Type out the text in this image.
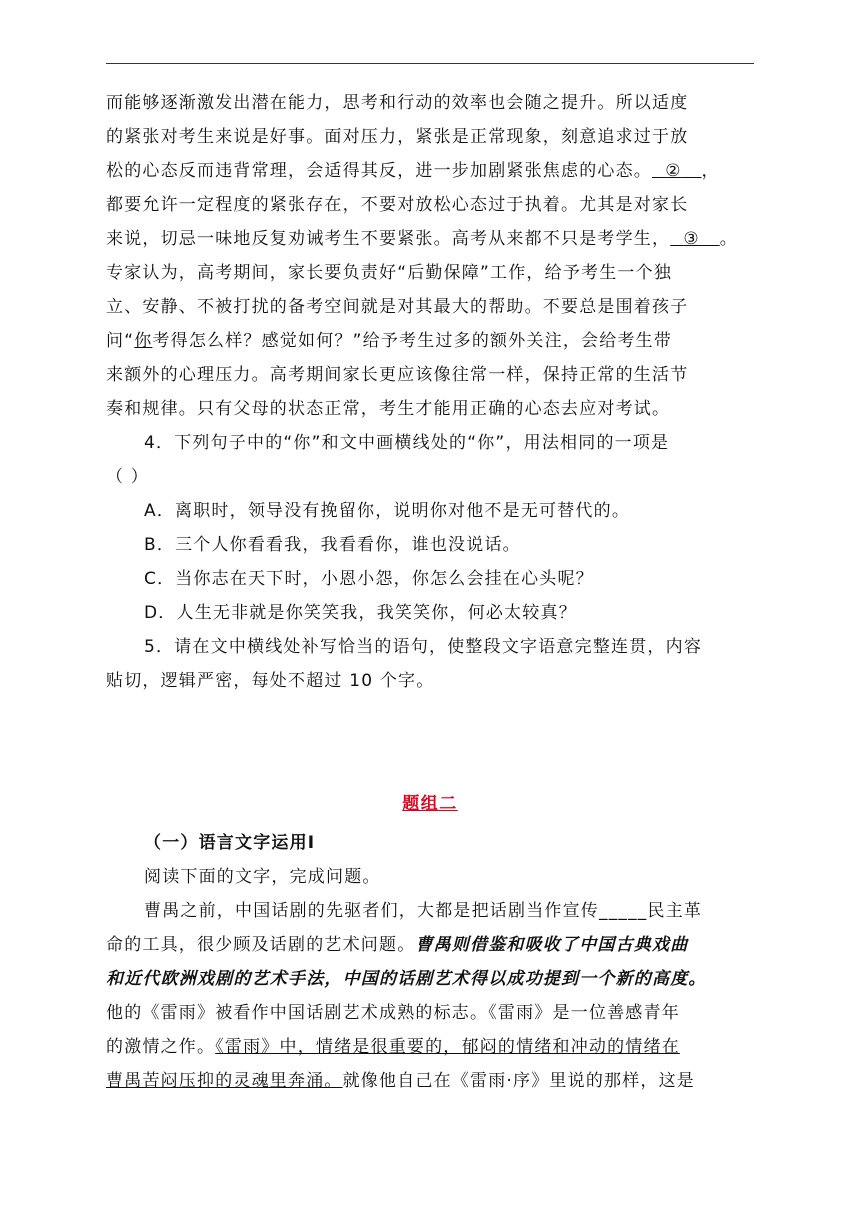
而能够逐渐激发出潜在能力，思考和行动的效率也会随之提升。所以适度
的紧张对考生来说是好事。面对压力，紧张是正常现象，刻意追求过于放
松的心态反而违背常理，会适得其反，进一步加剧紧张焦虑的心态。 ② ，
都要允许一定程度的紧张存在，不要对放松心态过于执着。尤其是对家长
来说，切忌一味地反复劝诫考生不要紧张。高考从来都不只是考学生， ③ 。
专家认为，高考期间，家长要负责好“后勤保障”工作，给予考生一个独
立、安静、不被打扰的备考空间就是对其最大的帮助。不要总是围着孩子
问“你考得怎么样？感觉如何？”给予考生过多的额外关注，会给考生带
来额外的心理压力。高考期间家长更应该像往常一样，保持正常的生活节
奏和规律。只有父母的状态正常，考生才能用正确的心态去应对考试。
4．下列句子中的“你”和文中画横线处的“你”，用法相同的一项是
（ ）
A．离职时，领导没有挽留你，说明你对他不是无可替代的。
B．三个人你看看我，我看看你，谁也没说话。
C．当你志在天下时，小恩小怨，你怎么会挂在心头呢？
D．人生无非就是你笑笑我，我笑笑你，何必太较真？
5．请在文中横线处补写恰当的语句，使整段文字语意完整连贯，内容
贴切，逻辑严密，每处不超过 10 个字。
题组二
（一）语言文字运用Ⅰ
阅读下面的文字，完成问题。
曹禺之前，中国话剧的先驱者们，大都是把话剧当作宣传_____民主革
命的工具，很少顾及话剧的艺术问题。曹禺则借鉴和吸收了中国古典戏曲
和近代欧洲戏剧的艺术手法，中国的话剧艺术得以成功提到一个新的高度。
他的《雷雨》被看作中国话剧艺术成熟的标志。《雷雨》是一位善感青年
的激情之作。《雷雨》中，情绪是很重要的，郁闷的情绪和冲动的情绪在
曹禺苦闷压抑的灵魂里奔涌。就像他自己在《雷雨·序》里说的那样，这是
